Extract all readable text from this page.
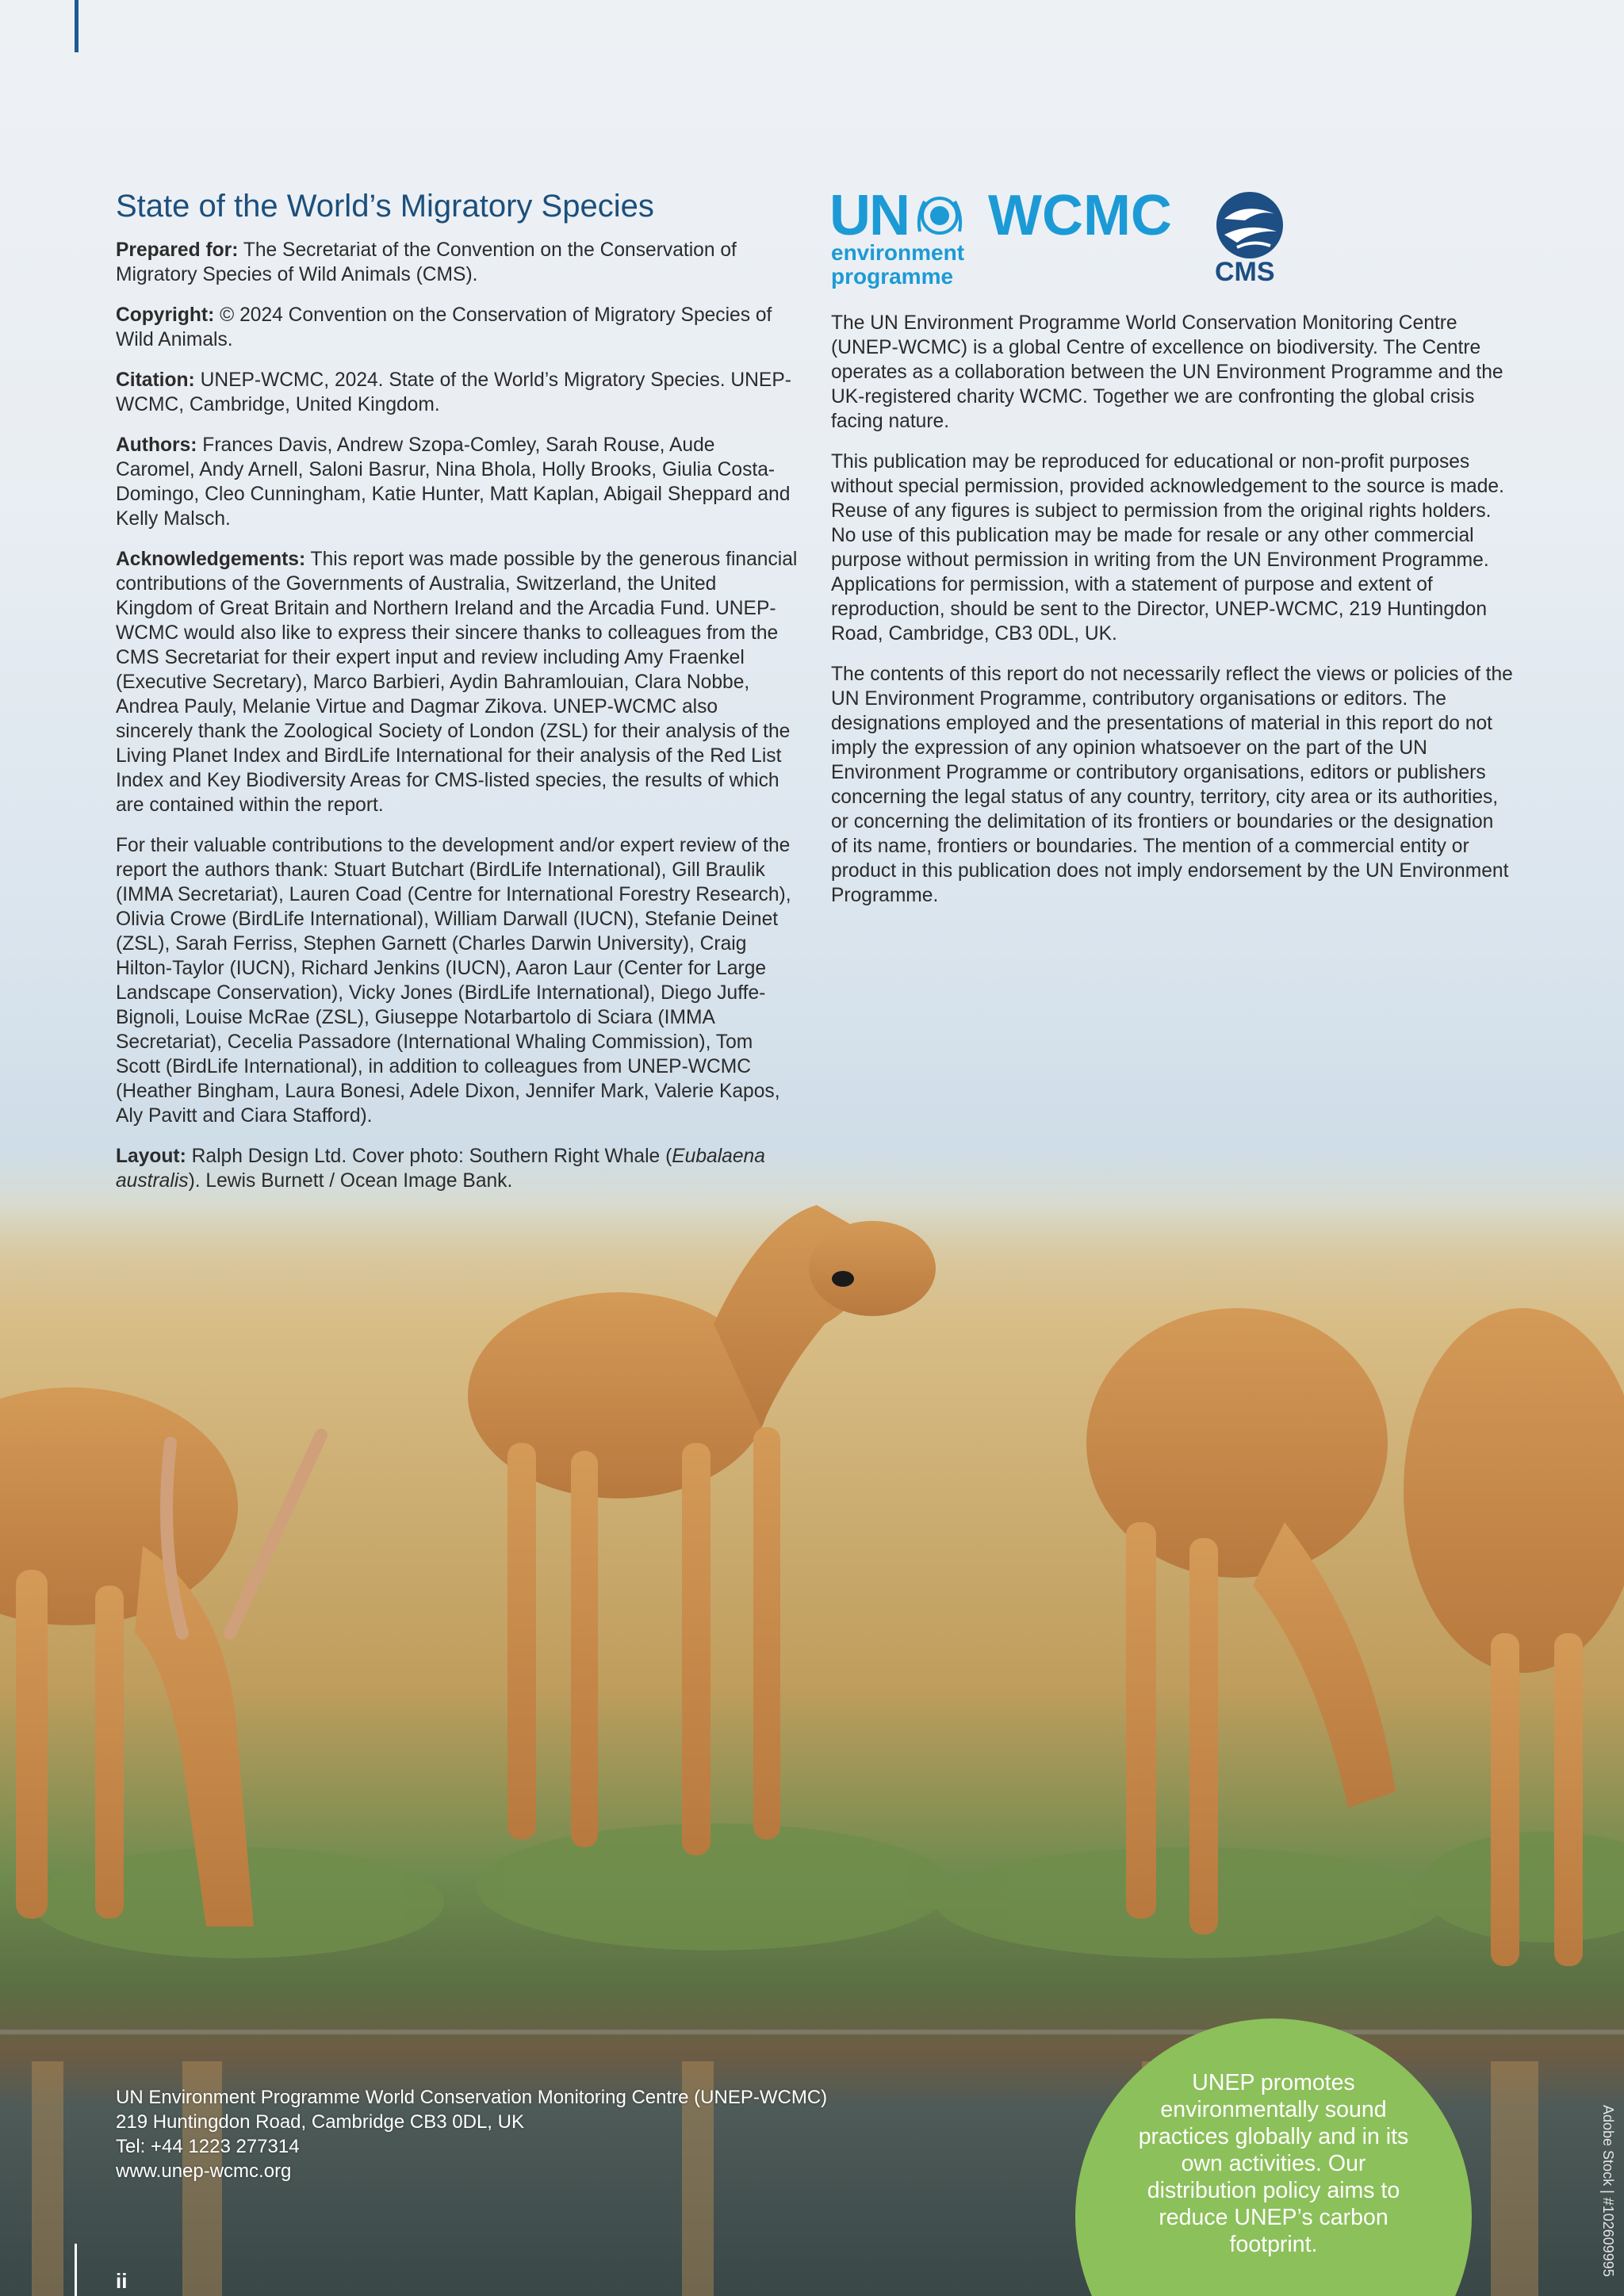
State of the World’s Migratory Species

Prepared for: The Secretariat of the Convention on the Conservation of Migratory Species of Wild Animals (CMS).

Copyright: © 2024 Convention on the Conservation of Migratory Species of Wild Animals.

Citation: UNEP-WCMC, 2024. State of the World’s Migratory Species. UNEP-WCMC, Cambridge, United Kingdom.

Authors: Frances Davis, Andrew Szopa-Comley, Sarah Rouse, Aude Caromel, Andy Arnell, Saloni Basrur, Nina Bhola, Holly Brooks, Giulia Costa-Domingo, Cleo Cunningham, Katie Hunter, Matt Kaplan, Abigail Sheppard and Kelly Malsch.

Acknowledgements: This report was made possible by the generous financial contributions of the Governments of Australia, Switzerland, the United Kingdom of Great Britain and Northern Ireland and the Arcadia Fund. UNEP-WCMC would also like to express their sincere thanks to colleagues from the CMS Secretariat for their expert input and review including Amy Fraenkel (Executive Secretary), Marco Barbieri, Aydin Bahramlouian, Clara Nobbe, Andrea Pauly, Melanie Virtue and Dagmar Zikova. UNEP-WCMC also sincerely thank the Zoological Society of London (ZSL) for their analysis of the Living Planet Index and BirdLife International for their analysis of the Red List Index and Key Biodiversity Areas for CMS-listed species, the results of which are contained within the report.

For their valuable contributions to the development and/or expert review of the report the authors thank: Stuart Butchart (BirdLife International), Gill Braulik (IMMA Secretariat), Lauren Coad (Centre for International Forestry Research), Olivia Crowe (BirdLife International), William Darwall (IUCN), Stefanie Deinet (ZSL), Sarah Ferriss, Stephen Garnett (Charles Darwin University), Craig Hilton-Taylor (IUCN), Richard Jenkins (IUCN), Aaron Laur (Center for Large Landscape Conservation), Vicky Jones (BirdLife International), Diego Juffe-Bignoli, Louise McRae (ZSL), Giuseppe Notarbartolo di Sciara (IMMA Secretariat), Cecelia Passadore (International Whaling Commission), Tom Scott (BirdLife International), in addition to colleagues from UNEP-WCMC (Heather Bingham, Laura Bonesi, Adele Dixon, Jennifer Mark, Valerie Kapos, Aly Pavitt and Ciara Stafford).

Layout: Ralph Design Ltd. Cover photo: Southern Right Whale (Eubalaena australis). Lewis Burnett / Ocean Image Bank.

UN
environment
programme
WCMC
CMS

The UN Environment Programme World Conservation Monitoring Centre (UNEP-WCMC) is a global Centre of excellence on biodiversity. The Centre operates as a collaboration between the UN Environment Programme and the UK-registered charity WCMC. Together we are confronting the global crisis facing nature.

This publication may be reproduced for educational or non-profit purposes without special permission, provided acknowledgement to the source is made. Reuse of any figures is subject to permission from the original rights holders. No use of this publication may be made for resale or any other commercial purpose without permission in writing from the UN Environment Programme. Applications for permission, with a statement of purpose and extent of reproduction, should be sent to the Director, UNEP-WCMC, 219 Huntingdon Road, Cambridge, CB3 0DL, UK.

The contents of this report do not necessarily reflect the views or policies of the UN Environment Programme, contributory organisations or editors. The designations employed and the presentations of material in this report do not imply the expression of any opinion whatsoever on the part of the UN Environment Programme or contributory organisations, editors or publishers concerning the legal status of any country, territory, city area or its authorities, or concerning the delimitation of its frontiers or boundaries or the designation of its name, frontiers or boundaries. The mention of a commercial entity or product in this publication does not imply endorsement by the UN Environment Programme.

UN Environment Programme World Conservation Monitoring Centre (UNEP-WCMC)
219 Huntingdon Road, Cambridge CB3 0DL, UK
Tel: +44 1223 277314
www.unep-wcmc.org
ii
UNEP promotes environmentally sound practices globally and in its own activities. Our distribution policy aims to reduce UNEP’s carbon footprint.	Adobe Stock | #102609995
